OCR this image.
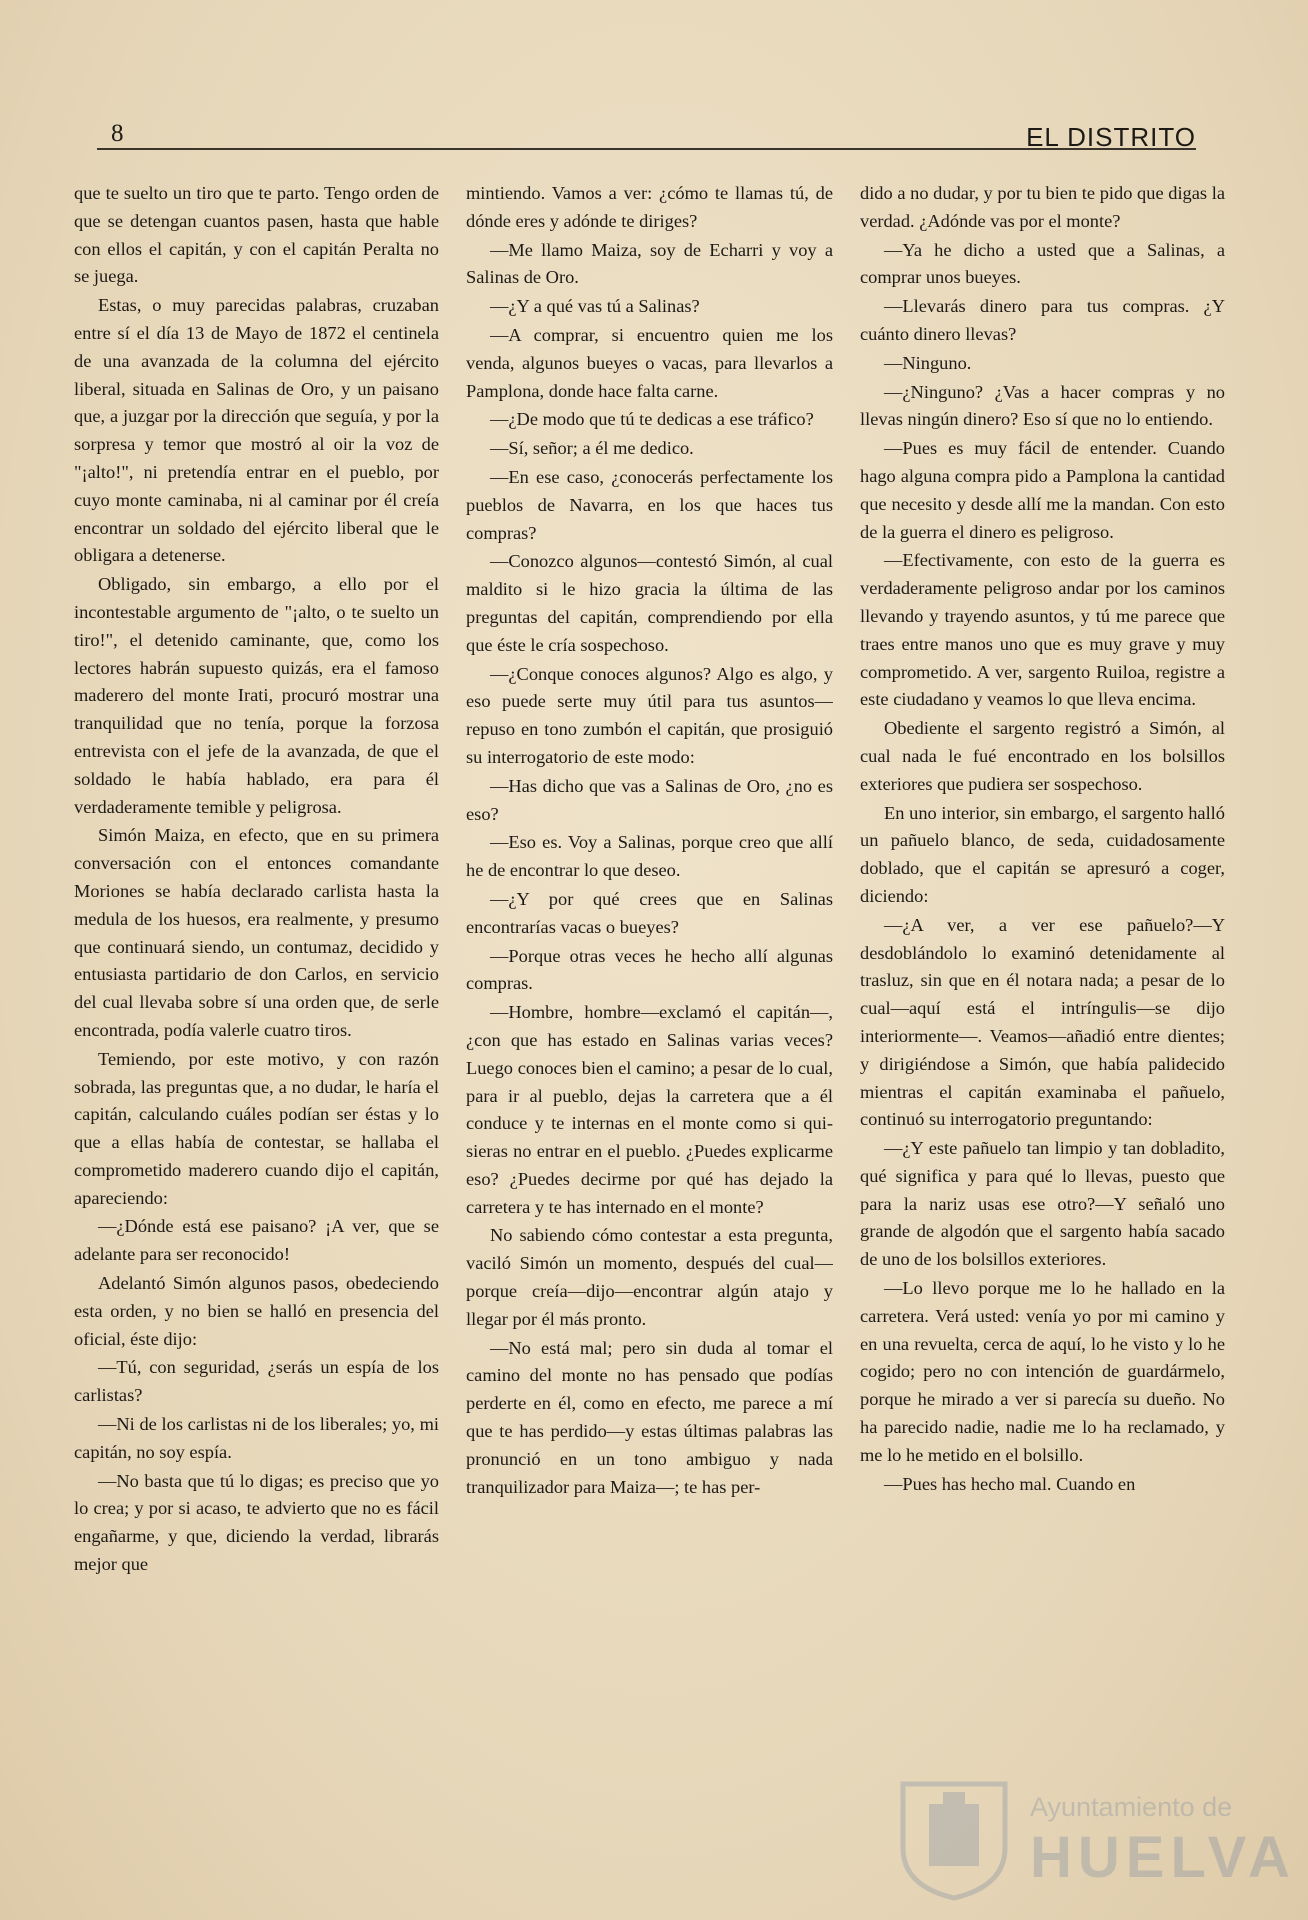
8	EL DISTRITO

que te suelto un tiro que te parto. Tengo orden de que se detengan cuantos pasen, hasta que hable con ellos el capitán, y con el capitán Peralta no se juega.

Estas, o muy parecidas palabras, cruzaban entre sí el día 13 de Mayo de 1872 el centinela de una avanzada de la columna del ejército liberal, situada en Salinas de Oro, y un paisano que, a juzgar por la dirección que seguía, y por la sorpresa y temor que mostró al oir la voz de "¡alto!", ni pretendía entrar en el pueblo, por cuyo monte caminaba, ni al caminar por él creía encontrar un soldado del ejército liberal que le obligara a detenerse.

Obligado, sin embargo, a ello por el incontestable argumento de "¡alto, o te suelto un tiro!", el detenido caminante, que, como los lectores habrán supuesto quizás, era el famoso maderero del monte Irati, procuró mostrar una tranquilidad que no tenía, porque la forzosa entrevista con el jefe de la avanzada, de que el soldado le había hablado, era para él verdaderamente temible y peligrosa.

Simón Maiza, en efecto, que en su primera conversación con el entonces comandante Moriones se había declarado carlista hasta la medula de los huesos, era realmente, y presumo que continuará siendo, un contumaz, decidido y entusiasta partidario de don Carlos, en servicio del cual llevaba sobre sí una orden que, de serle encontrada, podía valerle cuatro tiros.

Temiendo, por este motivo, y con razón sobrada, las preguntas que, a no dudar, le haría el capitán, calculando cuáles podían ser éstas y lo que a ellas había de contestar, se hallaba el comprometido maderero cuando dijo el capitán, apareciendo:

—¿Dónde está ese paisano? ¡A ver, que se adelante para ser reconocido!

Adelantó Simón algunos pasos, obedeciendo esta orden, y no bien se halló en presencia del oficial, éste dijo:

—Tú, con seguridad, ¿serás un espía de los carlistas?

—Ni de los carlistas ni de los liberales; yo, mi capitán, no soy espía.

—No basta que tú lo digas; es preciso que yo lo crea; y por si acaso, te advierto que no es fácil engañarme, y que, diciendo la verdad, librarás mejor que

mintiendo. Vamos a ver: ¿cómo te llamas tú, de dónde eres y adónde te diriges?

—Me llamo Maiza, soy de Echarri y voy a Salinas de Oro.

—¿Y a qué vas tú a Salinas?

—A comprar, si encuentro quien me los venda, algunos bueyes o vacas, para llevarlos a Pamplona, donde hace falta carne.

—¿De modo que tú te dedicas a ese tráfico?

—Sí, señor; a él me dedico.

—En ese caso, ¿conocerás perfectamente los pueblos de Navarra, en los que haces tus compras?

—Conozco algunos—contestó Simón, al cual maldito si le hizo gracia la última de las preguntas del capitán, comprendiendo por ella que éste le cría sospechoso.

—¿Conque conoces algunos? Algo es algo, y eso puede serte muy útil para tus asuntos—repuso en tono zumbón el capitán, que prosiguió su interrogatorio de este modo:

—Has dicho que vas a Salinas de Oro, ¿no es eso?

—Eso es. Voy a Salinas, porque creo que allí he de encontrar lo que deseo.

—¿Y por qué crees que en Salinas encontrarías vacas o bueyes?

—Porque otras veces he hecho allí algunas compras.

—Hombre, hombre—exclamó el capitán—, ¿con que has estado en Salinas varias veces? Luego conoces bien el camino; a pesar de lo cual, para ir al pueblo, dejas la carretera que a él conduce y te internas en el monte como si quisieras no entrar en el pueblo. ¿Puedes explicarme eso? ¿Puedes decirme por qué has dejado la carretera y te has internado en el monte?

No sabiendo cómo contestar a esta pregunta, vaciló Simón un momento, después del cual—porque creía—dijo—encontrar algún atajo y llegar por él más pronto.

—No está mal; pero sin duda al tomar el camino del monte no has pensado que podías perderte en él, como en efecto, me parece a mí que te has perdido—y estas últimas palabras las pronunció en un tono ambiguo y nada tranquilizador para Maiza—; te has per-

dido a no dudar, y por tu bien te pido que digas la verdad. ¿Adónde vas por el monte?

—Ya he dicho a usted que a Salinas, a comprar unos bueyes.

—Llevarás dinero para tus compras. ¿Y cuánto dinero llevas?

—Ninguno.

—¿Ninguno? ¿Vas a hacer compras y no llevas ningún dinero? Eso sí que no lo entiendo.

—Pues es muy fácil de entender. Cuando hago alguna compra pido a Pamplona la cantidad que necesito y desde allí me la mandan. Con esto de la guerra el dinero es peligroso.

—Efectivamente, con esto de la guerra es verdaderamente peligroso andar por los caminos llevando y trayendo asuntos, y tú me parece que traes entre manos uno que es muy grave y muy comprometido. A ver, sargento Ruiloa, registre a este ciudadano y veamos lo que lleva encima.

Obediente el sargento registró a Simón, al cual nada le fué encontrado en los bolsillos exteriores que pudiera ser sospechoso.

En uno interior, sin embargo, el sargento halló un pañuelo blanco, de seda, cuidadosamente doblado, que el capitán se apresuró a coger, diciendo:

—¿A ver, a ver ese pañuelo?—Y desdoblándolo lo examinó detenidamente al trasluz, sin que en él notara nada; a pesar de lo cual—aquí está el intríngulis—se dijo interiormente—. Veamos—añadió entre dientes; y dirigiéndose a Simón, que había palidecido mientras el capitán examinaba el pañuelo, continuó su interrogatorio preguntando:

—¿Y este pañuelo tan limpio y tan dobladito, qué significa y para qué lo llevas, puesto que para la nariz usas ese otro?—Y señaló uno grande de algodón que el sargento había sacado de uno de los bolsillos exteriores.

—Lo llevo porque me lo he hallado en la carretera. Verá usted: venía yo por mi camino y en una revuelta, cerca de aquí, lo he visto y lo he cogido; pero no con intención de guardármelo, porque he mirado a ver si parecía su dueño. No ha parecido nadie, nadie me lo ha reclamado, y me lo he metido en el bolsillo.

—Pues has hecho mal. Cuando en

Ayuntamiento de
HUELVA
